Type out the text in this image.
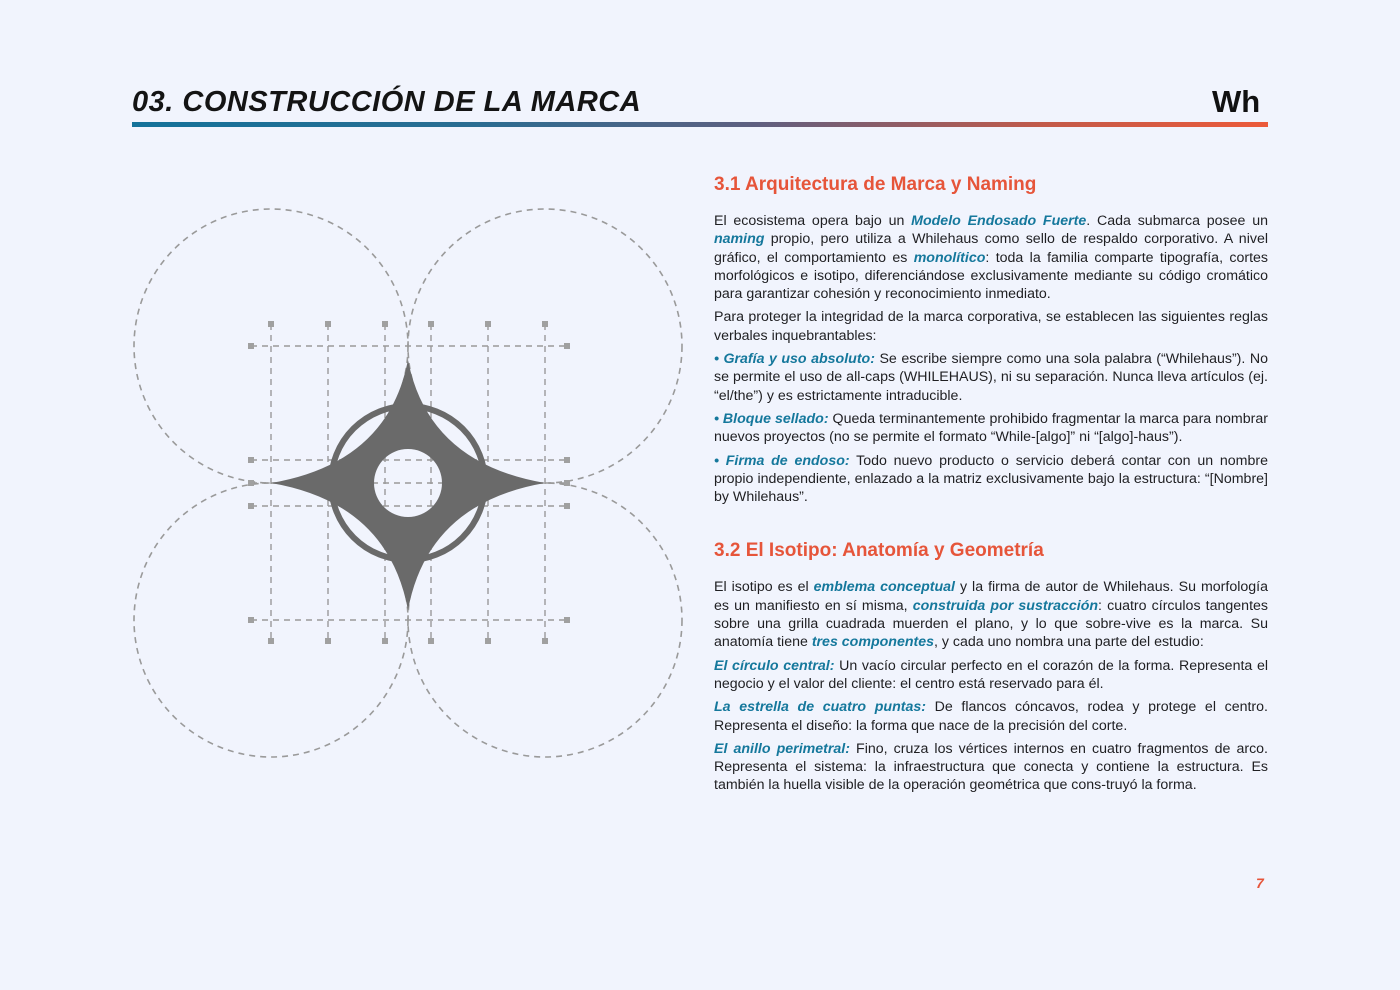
03. CONSTRUCCIÓN DE LA MARCA	Wh
3.1 Arquitectura de Marca y Naming

El ecosistema opera bajo un Modelo Endosado Fuerte. Cada submarca posee un naming propio, pero utiliza a Whilehaus como sello de respaldo corporativo. A nivel gráfico, el comportamiento es monolítico: toda la familia comparte tipografía, cortes morfológicos e isotipo, diferenciándose exclusivamente mediante su código cromático para garantizar cohesión y reconocimiento inmediato.

Para proteger la integridad de la marca corporativa, se establecen las siguientes reglas verbales inquebrantables:

• Grafía y uso absoluto: Se escribe siempre como una sola palabra (“Whilehaus”). No se permite el uso de all-caps (WHILEHAUS), ni su separación. Nunca lleva artículos (ej. “el/the”) y es estrictamente intraducible.

• Bloque sellado: Queda terminantemente prohibido fragmentar la marca para nombrar nuevos proyectos (no se permite el formato “While-[algo]” ni “[algo]-haus”).

• Firma de endoso: Todo nuevo producto o servicio deberá contar con un nombre propio independiente, enlazado a la matriz exclusivamente bajo la estructura: “[Nombre] by Whilehaus”.

3.2 El Isotipo: Anatomía y Geometría

El isotipo es el emblema conceptual y la firma de autor de Whilehaus. Su morfología es un manifiesto en sí misma, construida por sustracción: cuatro círculos tangentes sobre una grilla cuadrada muerden el plano, y lo que sobre-vive es la marca. Su anatomía tiene tres componentes, y cada uno nombra una parte del estudio:

El círculo central: Un vacío circular perfecto en el corazón de la forma. Representa el negocio y el valor del cliente: el centro está reservado para él.

La estrella de cuatro puntas: De flancos cóncavos, rodea y protege el centro. Representa el diseño: la forma que nace de la precisión del corte.

El anillo perimetral: Fino, cruza los vértices internos en cuatro fragmentos de arco. Representa el sistema: la infraestructura que conecta y contiene la estructura. Es también la huella visible de la operación geométrica que cons-truyó la forma.

7
